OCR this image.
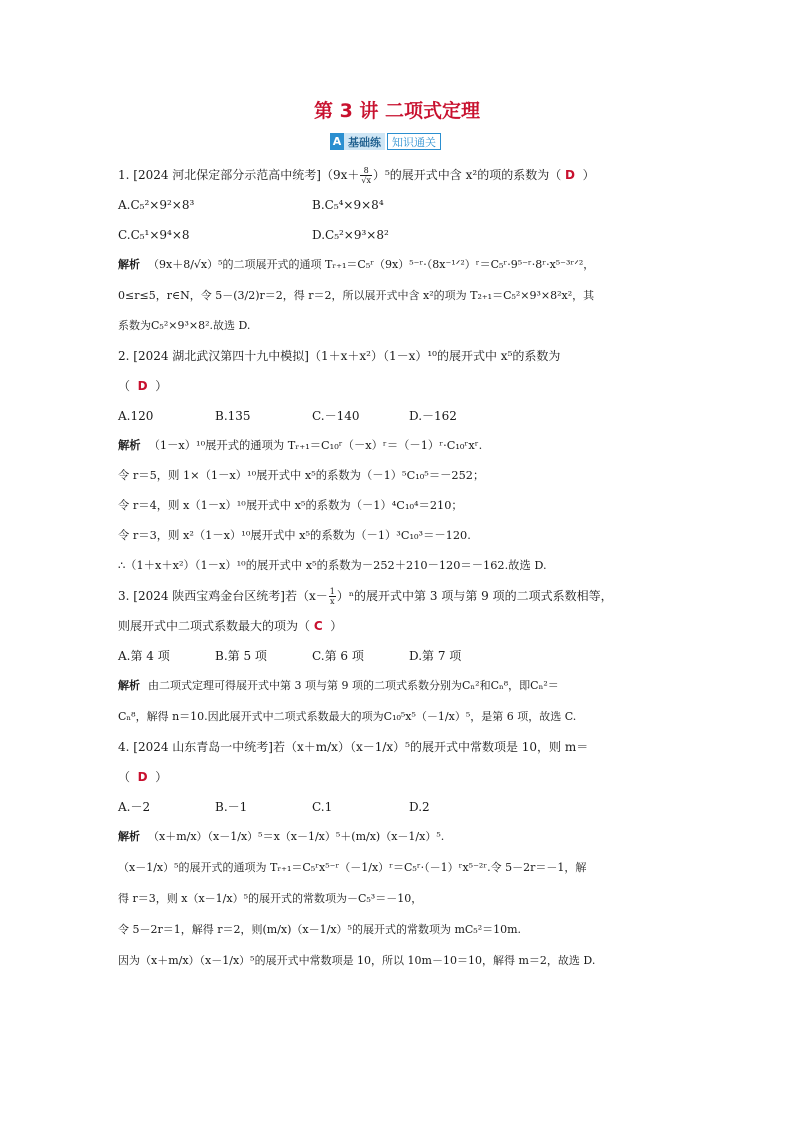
第 3 讲 二项式定理
A 基础练	知识通关
1. [2024 河北保定部分示范高中统考]$(9x+ \frac{8}{√x} )^5$的展开式中含 x²的项的系数为（ D ）
A.C₅²×9²×8³	B.C₅⁴×9×8⁴
C.C₅¹×9⁴×8	D.C₅²×9³×8²
解析 （9x＋8/√x）⁵的二项展开式的通项 Tᵣ₊₁＝C₅ʳ（9x）⁵⁻ʳ·（8x⁻¹ᐟ²）ʳ＝C₅ʳ·9⁵⁻ʳ·8ʳ·x⁵⁻³ʳᐟ²，
0≤r≤5，r∈N，令 5－(3/2)r＝2，得 r＝2，所以展开式中含 x²的项为 T₂₊₁＝C₅²×9³×8²x²，其
系数为C₅²×9³×8².故选 D.
2. [2024 湖北武汉第四十九中模拟]（1＋x＋x²）（1－x）¹⁰的展开式中 x⁵的系数为
（ D ）
A.120	B.135	C.－140	D.－162
解析 （1－x）¹⁰展开式的通项为 Tᵣ₊₁＝C₁₀ʳ（－x）ʳ＝（－1）ʳ·C₁₀ʳxʳ.
令 r＝5，则 1×（1－x）¹⁰展开式中 x⁵的系数为（－1）⁵C₁₀⁵＝－252；
令 r＝4，则 x（1－x）¹⁰展开式中 x⁵的系数为（－1）⁴C₁₀⁴＝210；
令 r＝3，则 x²（1－x）¹⁰展开式中 x⁵的系数为（－1）³C₁₀³＝－120.
∴（1＋x＋x²）（1－x）¹⁰的展开式中 x⁵的系数为－252＋210－120＝－162.故选 D.
3. [2024 陕西宝鸡金台区统考]若$(x- \frac{1}{x} )^n$的展开式中第 3 项与第 9 项的二项式系数相等，
则展开式中二项式系数最大的项为（ C ）
A.第 4 项	B.第 5 项	C.第 6 项	D.第 7 项
解析 由二项式定理可得展开式中第 3 项与第 9 项的二项式系数分别为Cₙ²和Cₙ⁸，即Cₙ²＝
Cₙ⁸，解得 n＝10.因此展开式中二项式系数最大的项为C₁₀⁵x⁵（－1/x）⁵，是第 6 项，故选 C.
4. [2024 山东青岛一中统考]若（x＋m/x）（x－1/x）⁵的展开式中常数项是 10，则 m＝
（ D ）
A.－2	B.－1	C.1	D.2
解析 （x＋m/x）（x－1/x）⁵＝x（x－1/x）⁵＋(m/x)（x－1/x）⁵.
（x－1/x）⁵的展开式的通项为 Tᵣ₊₁＝C₅ʳx⁵⁻ʳ（－1/x）ʳ＝C₅ʳ·（－1）ʳx⁵⁻²ʳ.令 5－2r＝－1，解
得 r＝3，则 x（x－1/x）⁵的展开式的常数项为－C₅³＝－10，
令 5－2r＝1，解得 r＝2，则(m/x)（x－1/x）⁵的展开式的常数项为 mC₅²＝10m.
因为（x＋m/x）（x－1/x）⁵的展开式中常数项是 10，所以 10m－10＝10，解得 m＝2，故选 D.
